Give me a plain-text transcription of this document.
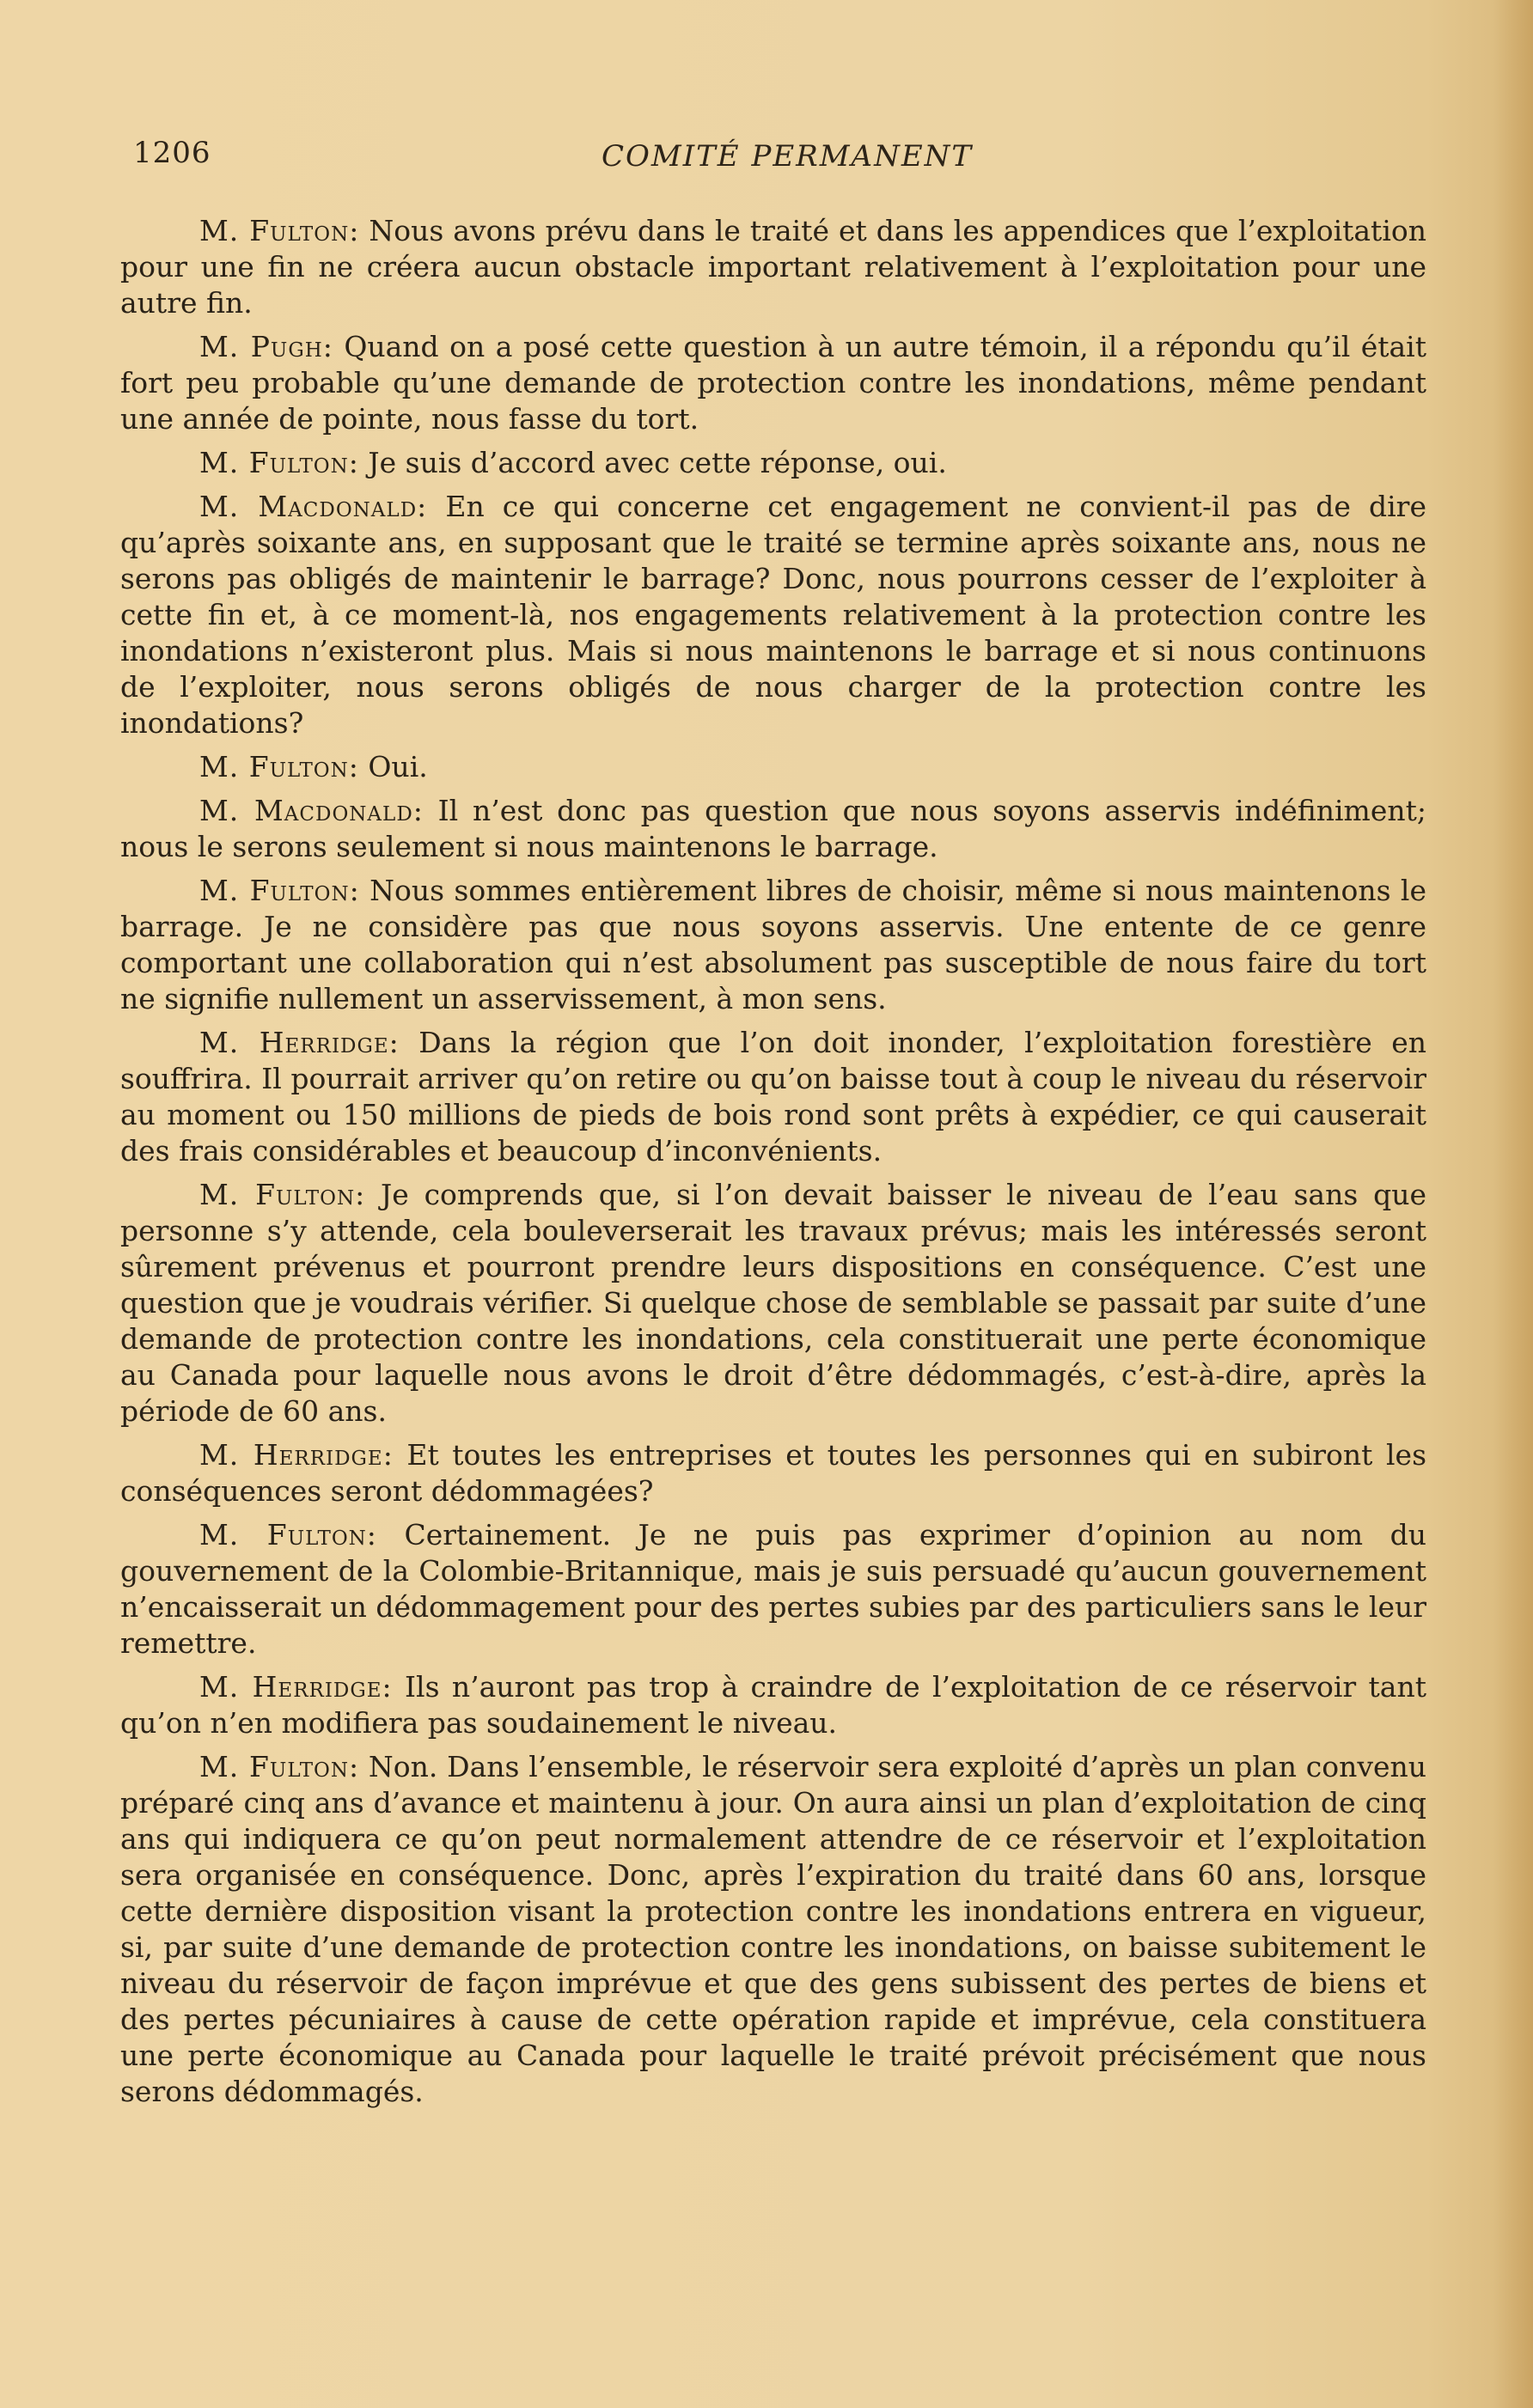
1206	COMITÉ PERMANENT

M. Fulton: Nous avons prévu dans le traité et dans les appendices que l’exploitation pour une fin ne créera aucun obstacle important relativement à l’exploitation pour une autre fin.

M. Pugh: Quand on a posé cette question à un autre témoin, il a répondu qu’il était fort peu probable qu’une demande de protection contre les inondations, même pendant une année de pointe, nous fasse du tort.

M. Fulton: Je suis d’accord avec cette réponse, oui.

M. Macdonald: En ce qui concerne cet engagement ne convient-il pas de dire qu’après soixante ans, en supposant que le traité se termine après soixante ans, nous ne serons pas obligés de maintenir le barrage? Donc, nous pourrons cesser de l’exploiter à cette fin et, à ce moment-là, nos engagements relativement à la protection contre les inondations n’existeront plus. Mais si nous maintenons le barrage et si nous continuons de l’exploiter, nous serons obligés de nous charger de la protection contre les inondations?

M. Fulton: Oui.

M. Macdonald: Il n’est donc pas question que nous soyons asservis indéfiniment; nous le serons seulement si nous maintenons le barrage.

M. Fulton: Nous sommes entièrement libres de choisir, même si nous maintenons le barrage. Je ne considère pas que nous soyons asservis. Une entente de ce genre comportant une collaboration qui n’est absolument pas susceptible de nous faire du tort ne signifie nullement un asservissement, à mon sens.

M. Herridge: Dans la région que l’on doit inonder, l’exploitation forestière en souffrira. Il pourrait arriver qu’on retire ou qu’on baisse tout à coup le niveau du réservoir au moment ou 150 millions de pieds de bois rond sont prêts à expédier, ce qui causerait des frais considérables et beaucoup d’inconvénients.

M. Fulton: Je comprends que, si l’on devait baisser le niveau de l’eau sans que personne s’y attende, cela bouleverserait les travaux prévus; mais les intéressés seront sûrement prévenus et pourront prendre leurs dispositions en conséquence. C’est une question que je voudrais vérifier. Si quelque chose de semblable se passait par suite d’une demande de protection contre les inondations, cela constituerait une perte économique au Canada pour laquelle nous avons le droit d’être dédommagés, c’est-à-dire, après la période de 60 ans.

M. Herridge: Et toutes les entreprises et toutes les personnes qui en subiront les conséquences seront dédommagées?

M. Fulton: Certainement. Je ne puis pas exprimer d’opinion au nom du gouvernement de la Colombie-Britannique, mais je suis persuadé qu’aucun gouvernement n’encaisserait un dédommagement pour des pertes subies par des particuliers sans le leur remettre.

M. Herridge: Ils n’auront pas trop à craindre de l’exploitation de ce réservoir tant qu’on n’en modifiera pas soudainement le niveau.

M. Fulton: Non. Dans l’ensemble, le réservoir sera exploité d’après un plan convenu préparé cinq ans d’avance et maintenu à jour. On aura ainsi un plan d’exploitation de cinq ans qui indiquera ce qu’on peut normalement attendre de ce réservoir et l’exploitation sera organisée en conséquence. Donc, après l’expiration du traité dans 60 ans, lorsque cette dernière disposition visant la protection contre les inondations entrera en vigueur, si, par suite d’une demande de protection contre les inondations, on baisse subitement le niveau du réservoir de façon imprévue et que des gens subissent des pertes de biens et des pertes pécuniaires à cause de cette opération rapide et imprévue, cela constituera une perte économique au Canada pour laquelle le traité prévoit précisément que nous serons dédommagés.
